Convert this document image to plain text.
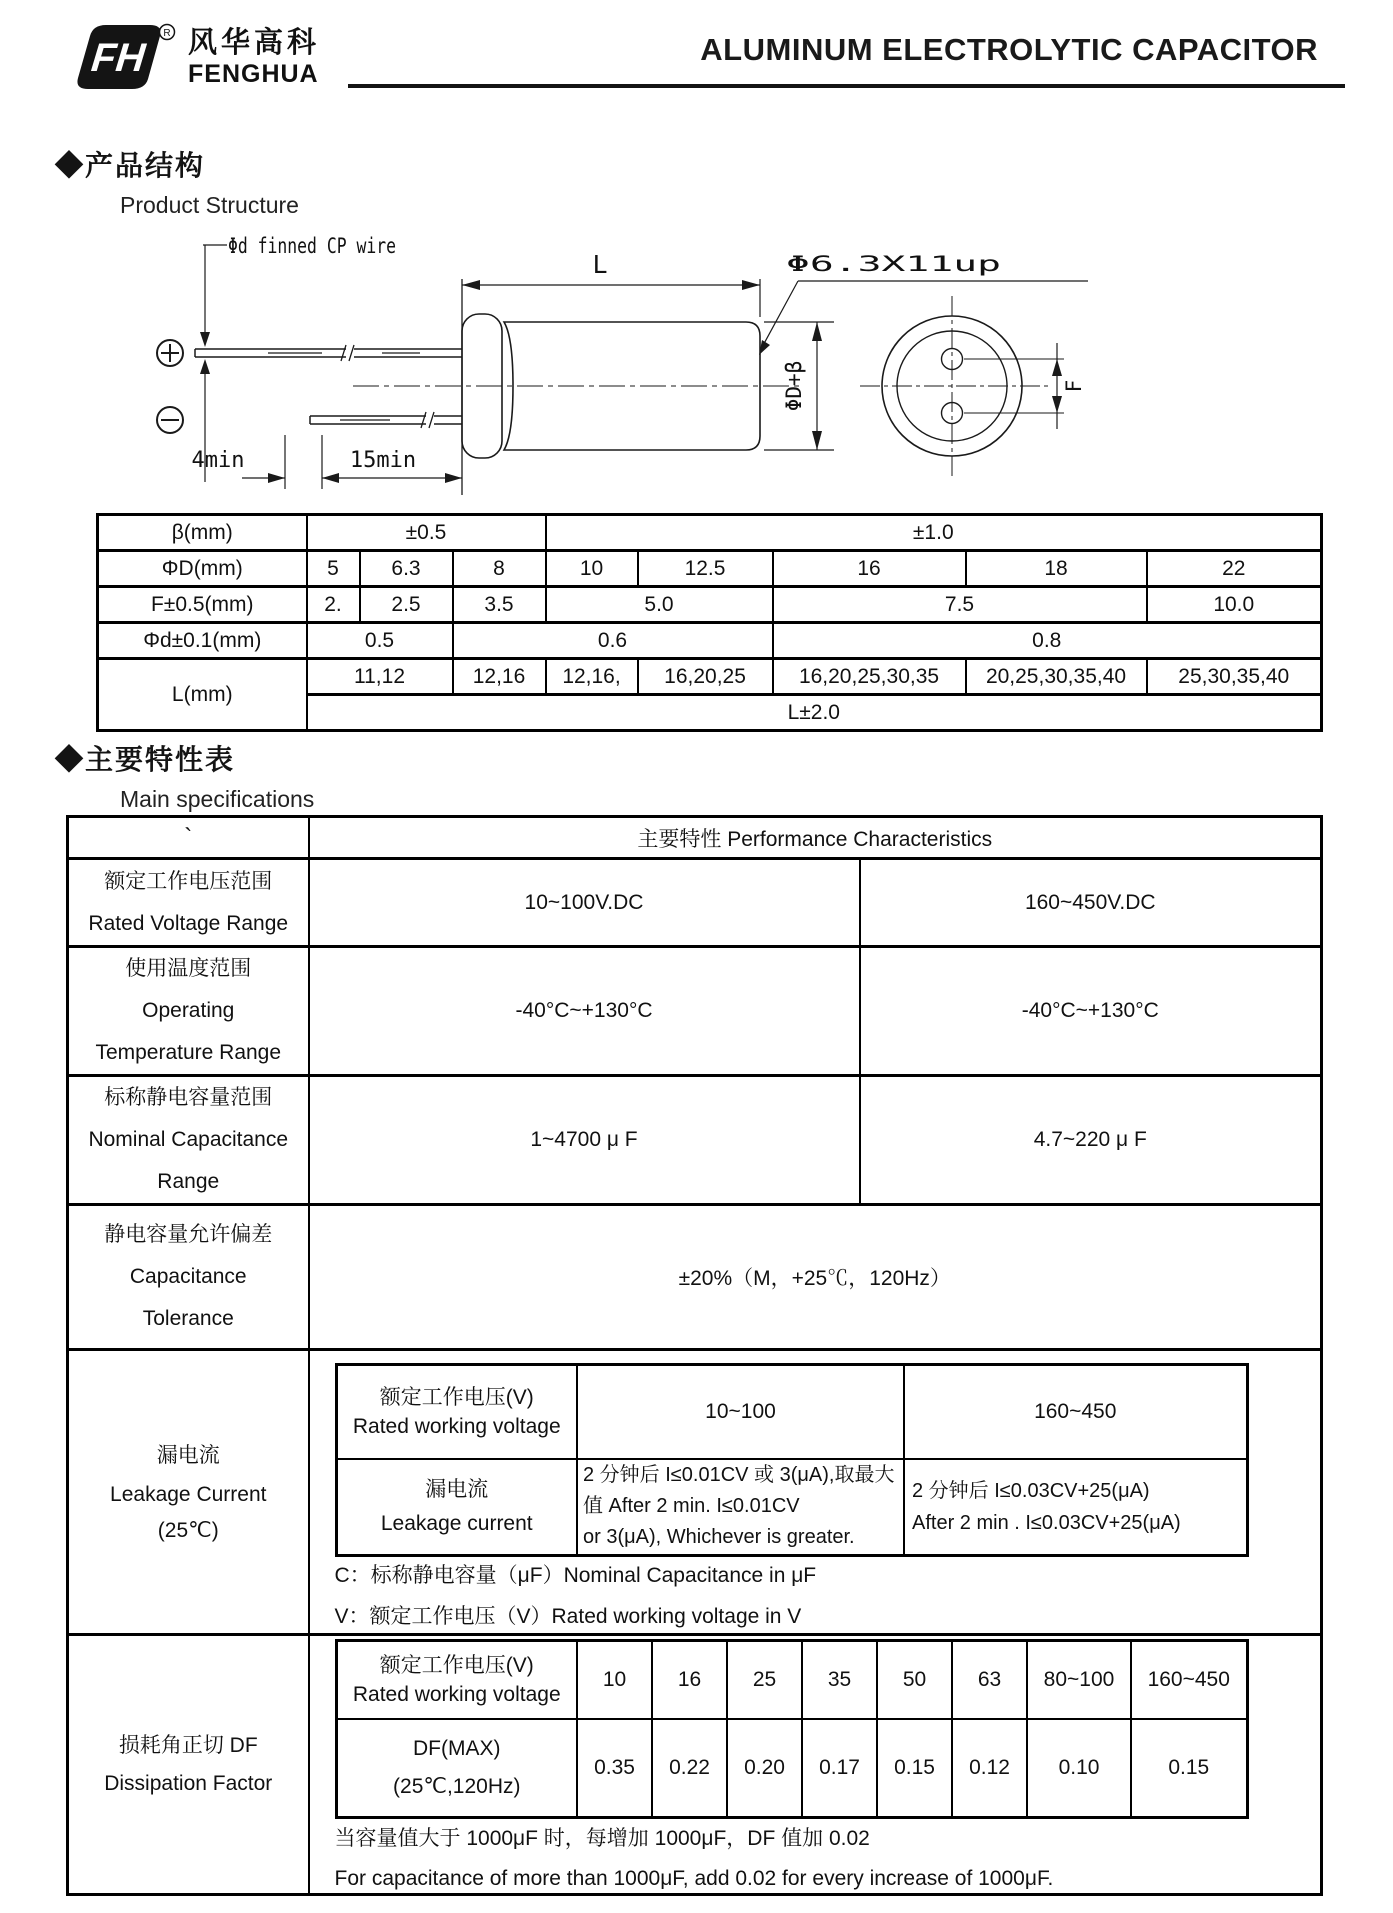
FH
R 风华高科
FENGHUA
ALUMINUM ELECTROLYTIC CAPACITOR
◆产品结构
Product Structure
Φd finned CP wire
L	Φ6.3X11up
ΦD+β	F
4min	15min
β(mm)	±0.5			±1.0				
ΦD(mm)	5	6.3	8	10	12.5	16	18	22
F±0.5(mm)	2.	2.5	3.5	5.0		7.5		10.0
Φd±0.1(mm)	0.5		0.6			0.8		
L(mm)	11,12		12,16	12,16,	16,20,25	16,20,25,30,35	20,25,30,35,40	25,30,35,40
	L±2.0							
◆主要特性表
Main specifications
`	主要特性 Performance Characteristics

额定工作电压范围
Rated Voltage Range
	10~100V.DC	160~450V.DC

使用温度范围
Operating
Temperature Range
	-40°C~+130°C	-40°C~+130°C

标称静电容量范围
Nominal Capacitance
Range
	1~4700 μ F	4.7~220 μ F

静电容量允许偏差
Capacitance
Tolerance
	±20%（M，+25℃，120Hz）

漏电流
Leakage Current
(25℃)

额定工作电压(V)
Rated working voltage
	10~100	160~450

漏电流
Leakage current

2 分钟后 I≤0.01CV 或 3(μA),取最大
值 After 2 min. I≤0.01CV
or 3(μA), Whichever is greater.

2 分钟后 I≤0.03CV+25(μA)
After 2 min . I≤0.03CV+25(μA)
C：标称静电容量（μF）Nominal Capacitance in μF
V：额定工作电压（V）Rated working voltage in V

损耗角正切 DF
Dissipation Factor

额定工作电压(V)
Rated working voltage
	10	16	25	35	50	63	80~100	160~450

DF(MAX)
(25℃,120Hz)
	0.35	0.22	0.20	0.17	0.15	0.12	0.10	0.15
当容量值大于 1000μF 时，每增加 1000μF，DF 值加 0.02
For capacitance of more than 1000μF, add 0.02 for every increase of 1000μF.
